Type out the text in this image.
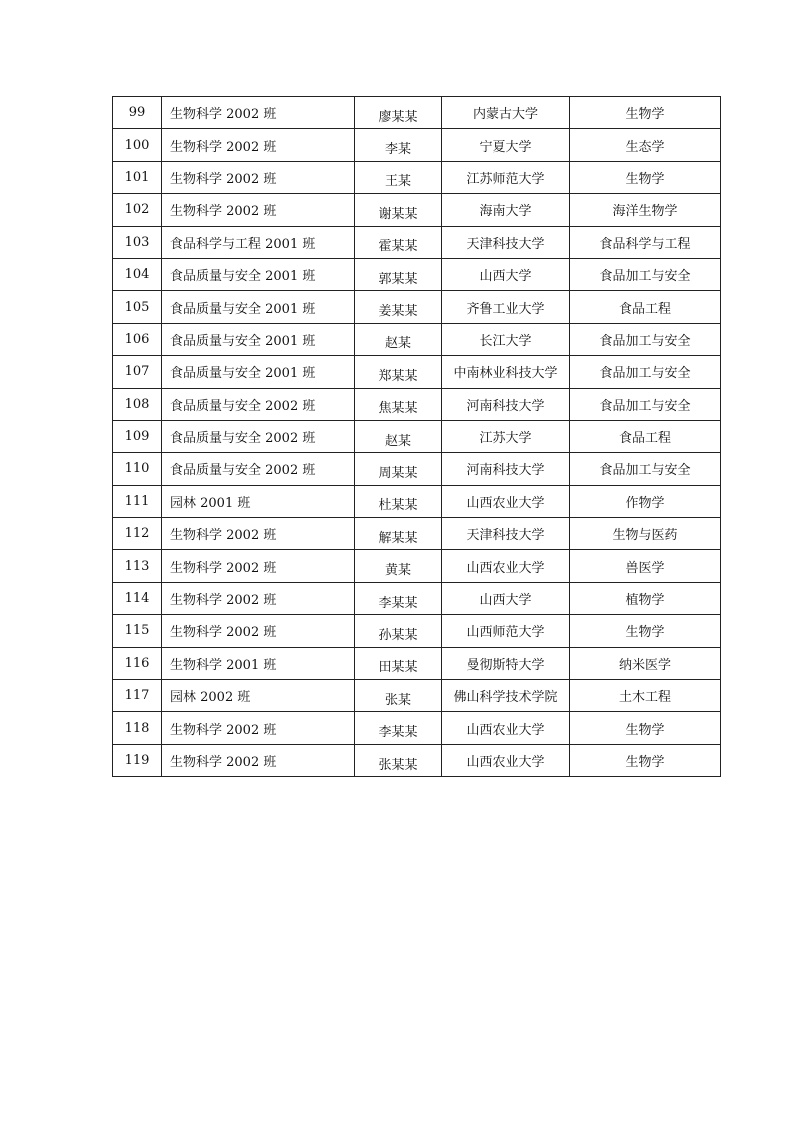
99	生物科学 2002 班	廖某某	内蒙古大学	生物学
100	生物科学 2002 班	李某	宁夏大学	生态学
101	生物科学 2002 班	王某	江苏师范大学	生物学
102	生物科学 2002 班	谢某某	海南大学	海洋生物学
103	食品科学与工程 2001 班	霍某某	天津科技大学	食品科学与工程
104	食品质量与安全 2001 班	郭某某	山西大学	食品加工与安全
105	食品质量与安全 2001 班	姜某某	齐鲁工业大学	食品工程
106	食品质量与安全 2001 班	赵某	长江大学	食品加工与安全
107	食品质量与安全 2001 班	郑某某	中南林业科技大学	食品加工与安全
108	食品质量与安全 2002 班	焦某某	河南科技大学	食品加工与安全
109	食品质量与安全 2002 班	赵某	江苏大学	食品工程
110	食品质量与安全 2002 班	周某某	河南科技大学	食品加工与安全
111	园林 2001 班	杜某某	山西农业大学	作物学
112	生物科学 2002 班	解某某	天津科技大学	生物与医药
113	生物科学 2002 班	黄某	山西农业大学	兽医学
114	生物科学 2002 班	李某某	山西大学	植物学
115	生物科学 2002 班	孙某某	山西师范大学	生物学
116	生物科学 2001 班	田某某	曼彻斯特大学	纳米医学
117	园林 2002 班	张某	佛山科学技术学院	土木工程
118	生物科学 2002 班	李某某	山西农业大学	生物学
119	生物科学 2002 班	张某某	山西农业大学	生物学
